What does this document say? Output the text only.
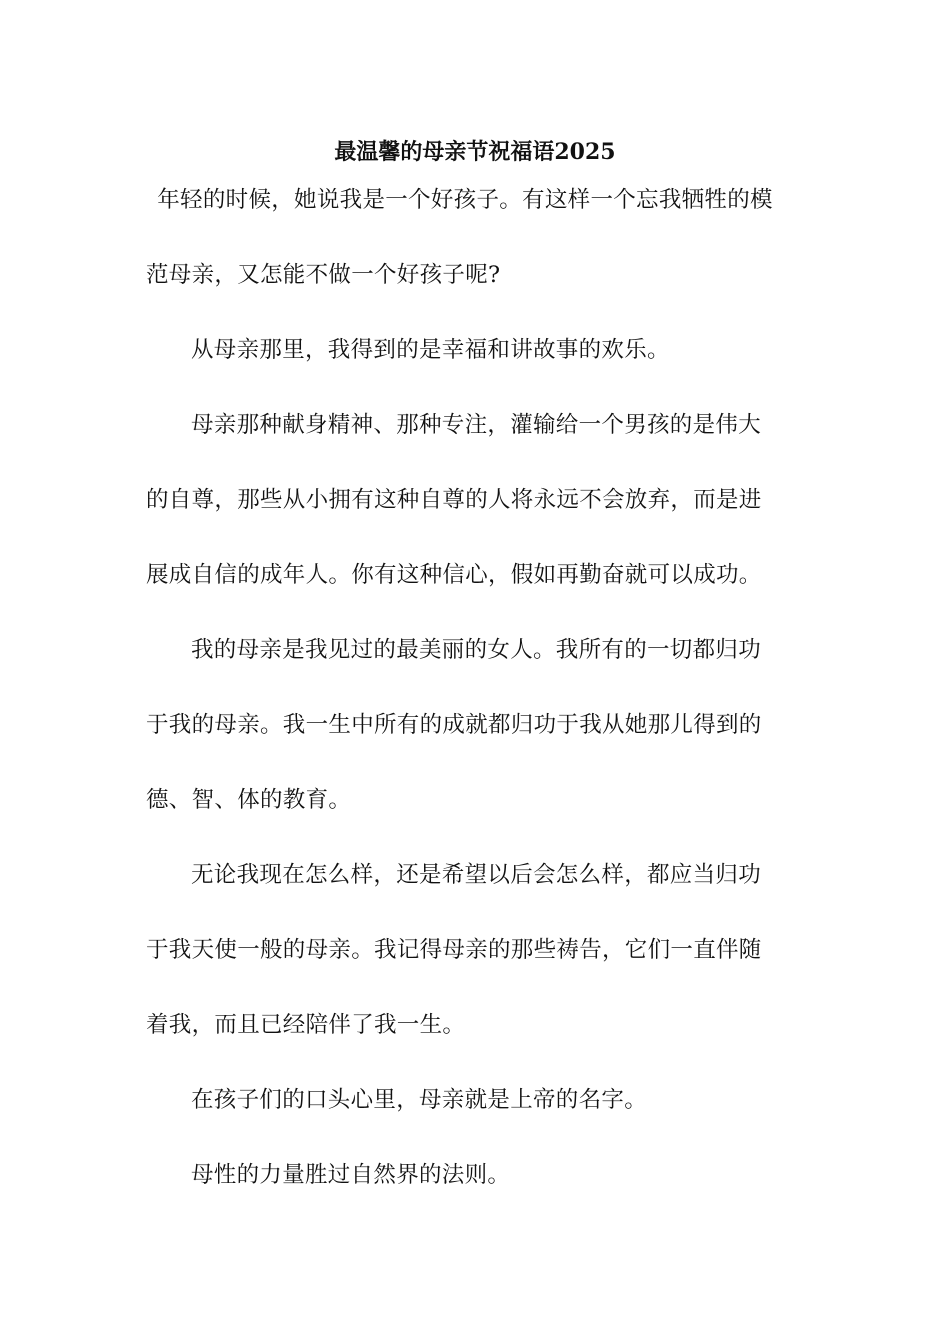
最温馨的母亲节祝福语2025

年轻的时候，她说我是一个好孩子。有这样一个忘我牺牲的模
范母亲，又怎能不做一个好孩子呢?

从母亲那里，我得到的是幸福和讲故事的欢乐。

母亲那种献身精神、那种专注，灌输给一个男孩的是伟大
的自尊，那些从小拥有这种自尊的人将永远不会放弃，而是进
展成自信的成年人。你有这种信心，假如再勤奋就可以成功。

我的母亲是我见过的最美丽的女人。我所有的一切都归功
于我的母亲。我一生中所有的成就都归功于我从她那儿得到的
德、智、体的教育。

无论我现在怎么样，还是希望以后会怎么样，都应当归功
于我天使一般的母亲。我记得母亲的那些祷告，它们一直伴随
着我，而且已经陪伴了我一生。

在孩子们的口头心里，母亲就是上帝的名字。

母性的力量胜过自然界的法则。
